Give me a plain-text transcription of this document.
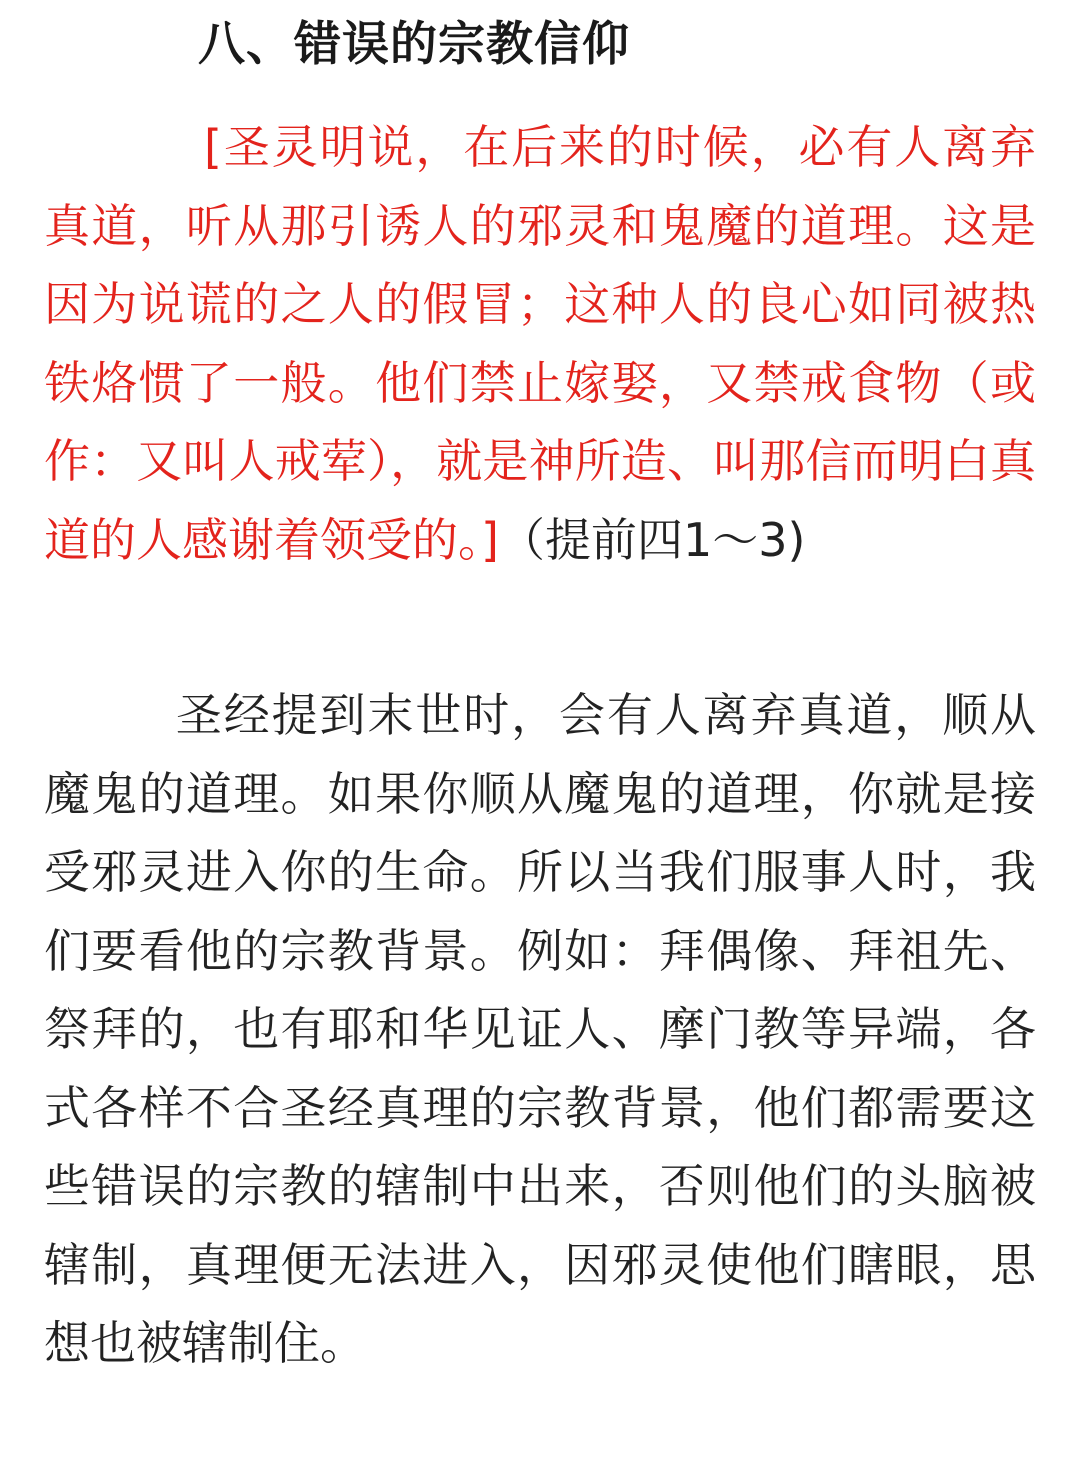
八、错误的宗教信仰
[圣灵明说，在后来的时候，必有人离弃真道，听从那引诱人的邪灵和鬼魔的道理。这是因为说谎的之人的假冒；这种人的良心如同被热铁烙惯了一般。他们禁止嫁娶，又禁戒食物（或作：又叫人戒荤），就是神所造、叫那信而明白真道的人感谢着领受的。]（提前四1～3)
圣经提到末世时，会有人离弃真道，顺从魔鬼的道理。如果你顺从魔鬼的道理，你就是接受邪灵进入你的生命。所以当我们服事人时，我们要看他的宗教背景。例如：拜偶像、拜祖先、祭拜的，也有耶和华见证人、摩门教等异端，各式各样不合圣经真理的宗教背景，他们都需要这些错误的宗教的辖制中出来，否则他们的头脑被辖制，真理便无法进入，因邪灵使他们瞎眼，思想也被辖制住。
